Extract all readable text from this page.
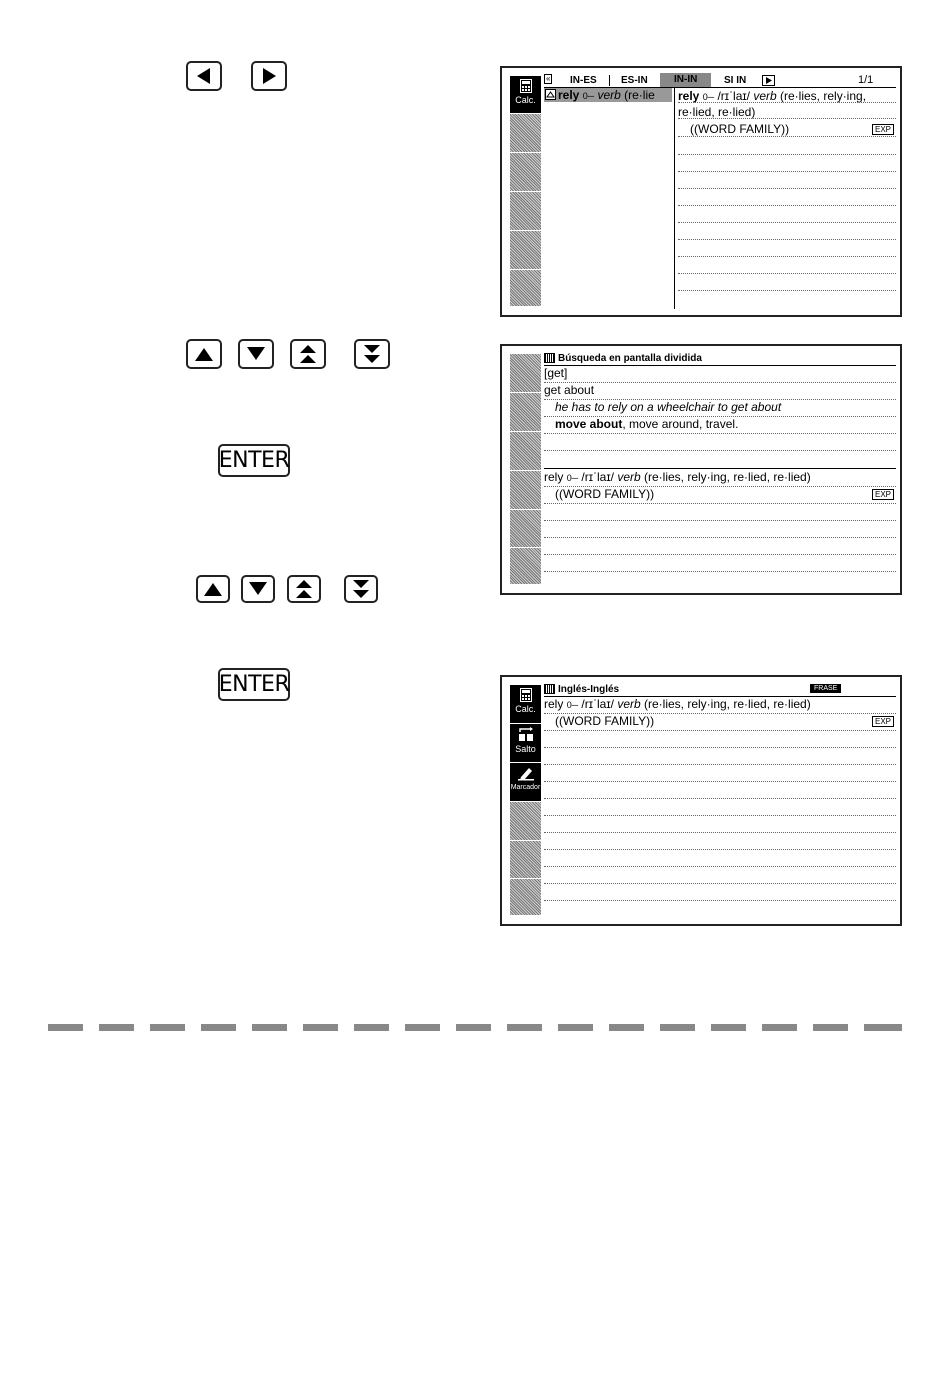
ENTER
ENTER
Calc.
« IN-ES ES-IN	IN-IN	SI IN	1/1
rely 0─ verb (re·lie rely 0─ /rɪˈlaɪ/ verb (re·lies, rely·ing,
re·lied, re·lied)
((WORD FAMILY))	EXP
Búsqueda en pantalla dividida
[get]
get about
he has to rely on a wheelchair to get about
move about, move around, travel.
rely 0─ /rɪˈlaɪ/ verb (re·lies, rely·ing, re·lied, re·lied)
((WORD FAMILY))	EXP
Calc.
Salto
Marcador
Inglés-Inglés	FRASE
rely 0─ /rɪˈlaɪ/ verb (re·lies, rely·ing, re·lied, re·lied)
((WORD FAMILY))	EXP
